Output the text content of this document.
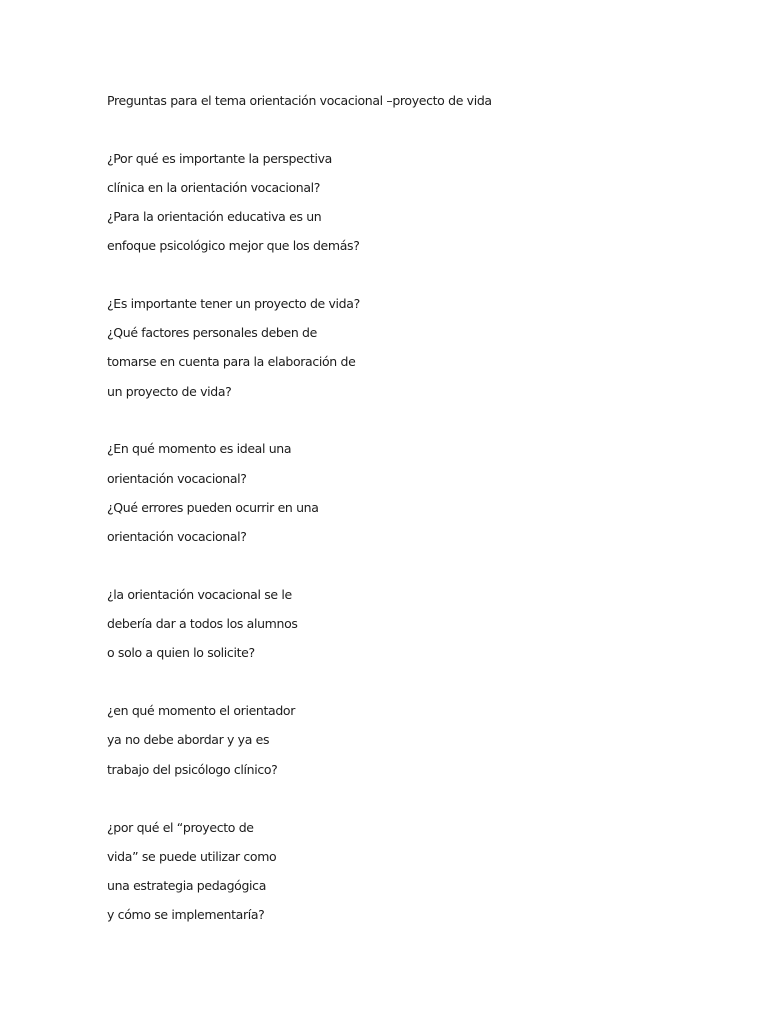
Preguntas para el tema orientación vocacional –proyecto de vida

¿Por qué es importante la perspectiva

clínica en la orientación vocacional?

¿Para la orientación educativa es un

enfoque psicológico mejor que los demás?

¿Es importante tener un proyecto de vida?

¿Qué factores personales deben de

tomarse en cuenta para la elaboración de

un proyecto de vida?

¿En qué momento es ideal una

orientación vocacional?

¿Qué errores pueden ocurrir en una

orientación vocacional?

¿la orientación vocacional se le

debería dar a todos los alumnos

o solo a quien lo solicite?

¿en qué momento el orientador

ya no debe abordar y ya es

trabajo del psicólogo clínico?

¿por qué el “proyecto de

vida” se puede utilizar como

una estrategia pedagógica

y cómo se implementaría?
